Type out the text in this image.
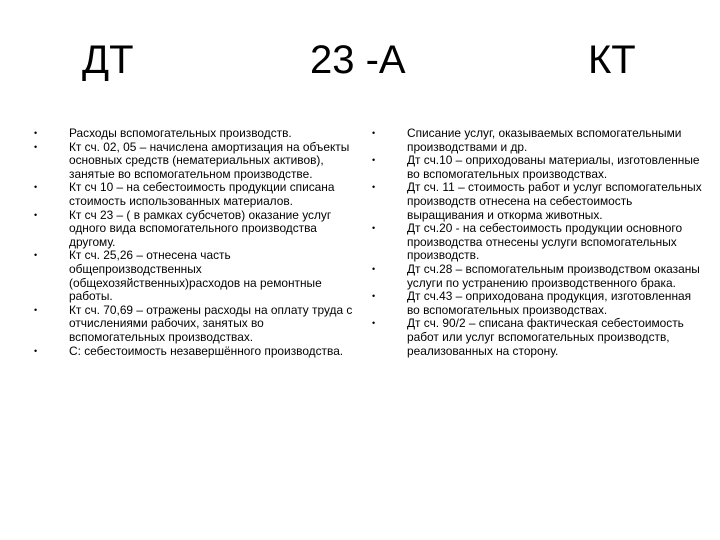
ДТ	23 -А	КТ
•	Расходы вспомогательных производств.
•	Кт сч. 02, 05 – начислена амортизация на объекты основных средств (нематериальных активов), занятые во вспомогательном производстве.
•	Кт сч 10 – на себестоимость продукции списана стоимость использованных материалов.
•	Кт сч 23 – ( в рамках субсчетов) оказание услуг одного вида вспомогательного производства другому.
•	Кт сч. 25,26 – отнесена часть общепроизводственных (общехозяйственных)расходов на ремонтные работы.
•	Кт сч. 70,69 – отражены расходы на оплату труда с отчислениями рабочих, занятых во вспомогательных производствах.
•	С: себестоимость незавершённого производства.
•	Списание услуг, оказываемых вспомогательными производствами и др.
•	Дт сч.10 – оприходованы материалы, изготовленные во вспомогательных производствах.
•	Дт сч. 11 – стоимость работ и услуг вспомогательных производств отнесена на себестоимость выращивания и откорма животных.
•	Дт сч.20 - на себестоимость продукции основного производства отнесены услуги вспомогательных производств.
•	Дт сч.28 – вспомогательным производством оказаны услуги по устранению производственного брака.
•	Дт сч.43 – оприходована продукция, изготовленная во вспомогательных производствах.
•	Дт сч. 90/2 – списана фактическая себестоимость работ или услуг вспомогательных производств, реализованных на сторону.
